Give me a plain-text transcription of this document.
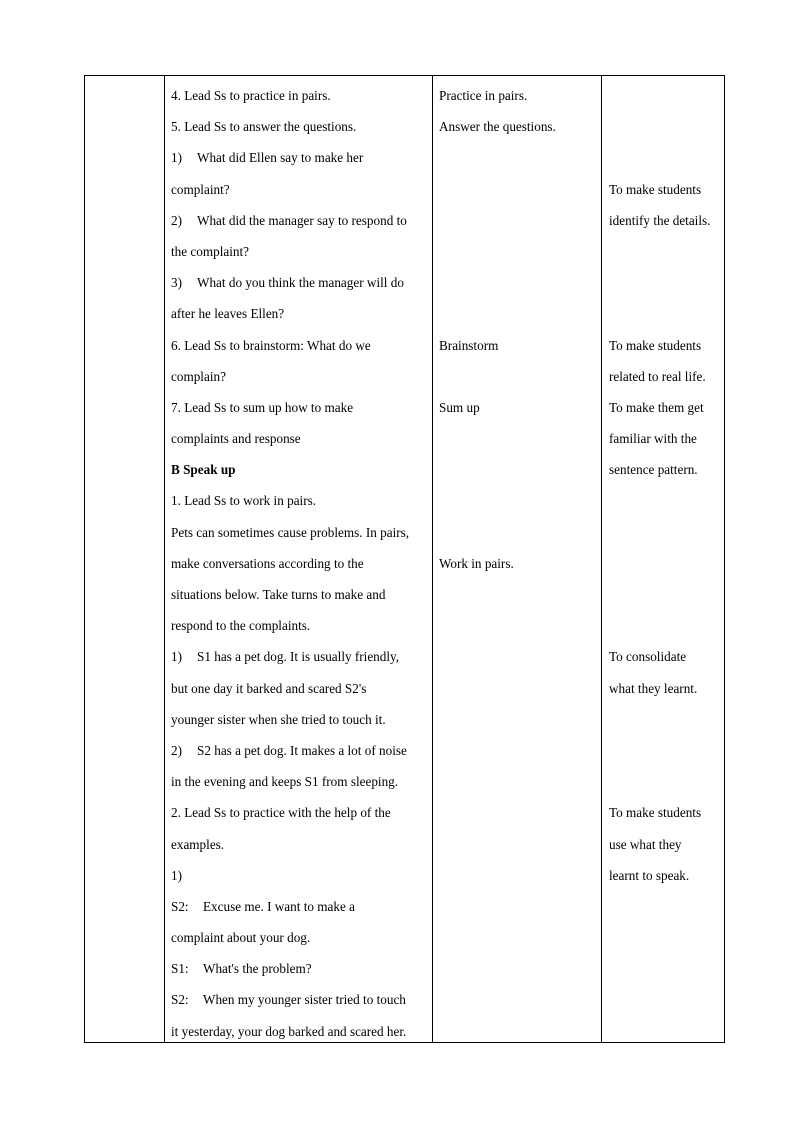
4. Lead Ss to practice in pairs.
5. Lead Ss to answer the questions.
1) What did Ellen say to make her
complaint?
2) What did the manager say to respond to
the complaint?
3) What do you think the manager will do
after he leaves Ellen?
6. Lead Ss to brainstorm: What do we
complain?
7. Lead Ss to sum up how to make
complaints and response
B Speak up
1. Lead Ss to work in pairs.
Pets can sometimes cause problems. In pairs,
make conversations according to the
situations below. Take turns to make and
respond to the complaints.
1) S1 has a pet dog. It is usually friendly,
but one day it barked and scared S2's
younger sister when she tried to touch it.
2) S2 has a pet dog. It makes a lot of noise
in the evening and keeps S1 from sleeping.
2. Lead Ss to practice with the help of the
examples.
1)
S2: Excuse me. I want to make a
complaint about your dog.
S1: What's the problem?
S2: When my younger sister tried to touch
it yesterday, your dog barked and scared her.
Practice in pairs.
Answer the questions.
Brainstorm
Sum up
Work in pairs.
To make students
identify the details.
To make students
related to real life.
To make them get
familiar with the
sentence pattern.
To consolidate
what they learnt.
To make students
use what they
learnt to speak.
